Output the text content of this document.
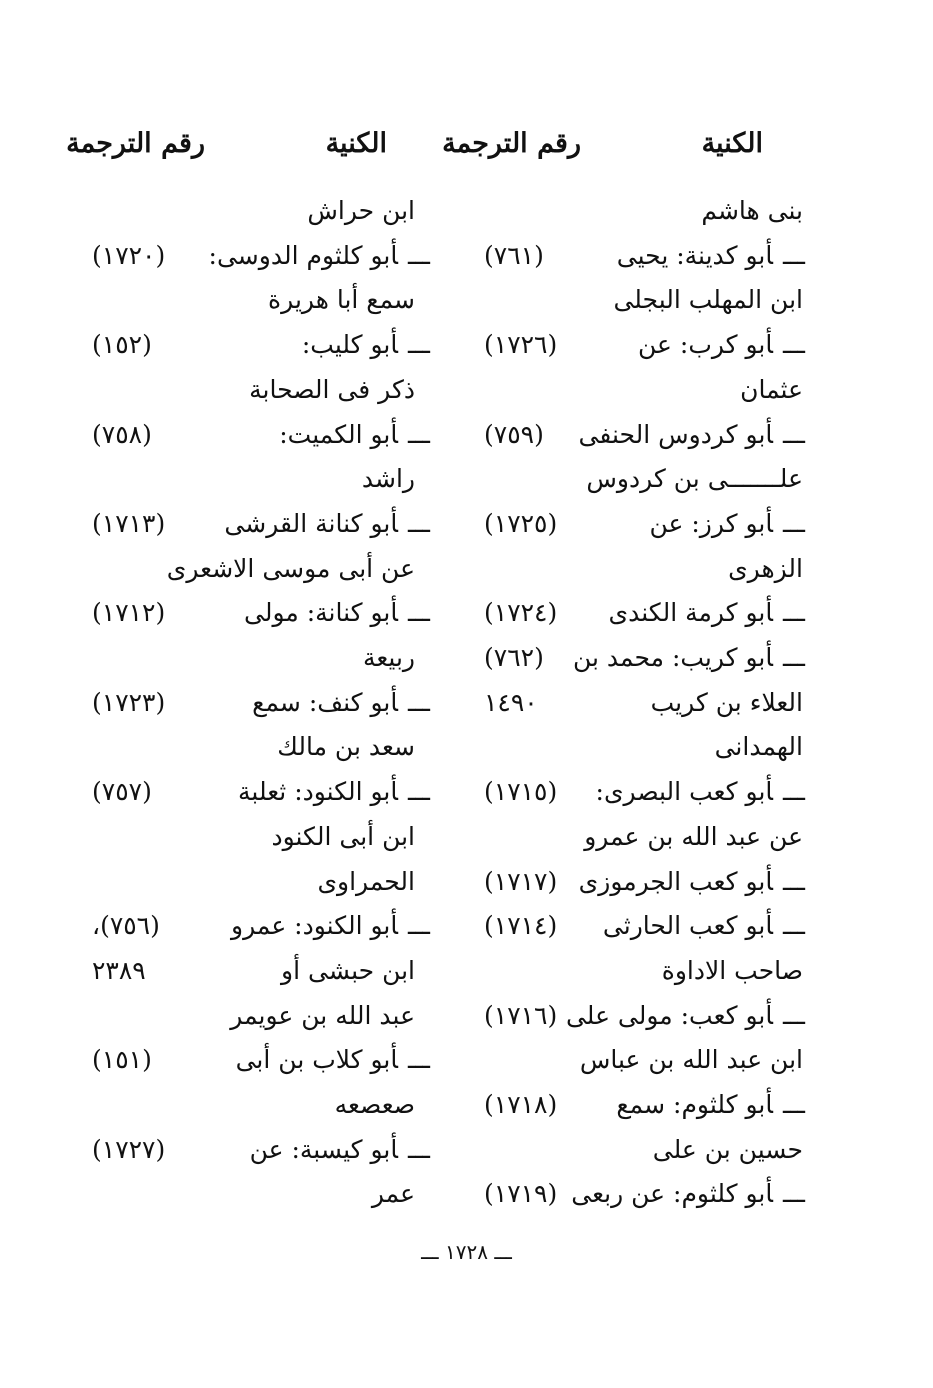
الكنية
رقم الترجمة
الكنية
رقم الترجمة
بنى هاشم
ـــأبو كدينة: يحيى
(٧٦١)
ابن المهلب البجلى
ـــأبو كرب: عن
(١٧٢٦)
عثمان
ـــأبو كردوس الحنفى
(٧٥٩)
علـــــــى بن كردوس
ـــأبو كرز: عن
(١٧٢٥)
الزهرى
ـــأبو كرمة الكندى
(١٧٢٤)
ـــأبو كريب: محمد بن
(٧٦٢)
العلاء بن كريب
١٤٩٠
الهمدانى
ـــأبو كعب البصرى:
(١٧١٥)
عن عبد الله بن عمرو
ـــأبو كعب الجرموزى
(١٧١٧)
ـــأبو كعب الحارثى
(١٧١٤)
صاحب الاداوة
ـــأبو كعب: مولى على
(١٧١٦)
ابن عبد الله بن عباس
ـــأبو كلثوم: سمع
(١٧١٨)
حسين بن على
ـــأبو كلثوم: عن ربعى
(١٧١٩)
ابن حراش
ـــأبو كلثوم الدوسى:
(١٧٢٠)
سمع أبا هريرة
ـــأبو كليب:
(١٥٢)
ذكر فى الصحابة
ـــأبو الكميت:
(٧٥٨)
راشد
ـــأبو كنانة القرشى
(١٧١٣)
عن أبى موسى الاشعرى
ـــأبو كنانة: مولى
(١٧١٢)
ربيعة
ـــأبو كنف: سمع
(١٧٢٣)
سعد بن مالك
ـــأبو الكنود: ثعلبة
(٧٥٧)
ابن أبى الكنود
الحمراوى
ـــأبو الكنود: عمرو
(٧٥٦)،
ابن حبشى أو
٢٣٨٩
عبد الله بن عويمر
ـــأبو كلاب بن أبى
(١٥١)
صعصعه
ـــأبو كيسبة: عن
(١٧٢٧)
عمر
ـــ ١٧٢٨ ـــ
